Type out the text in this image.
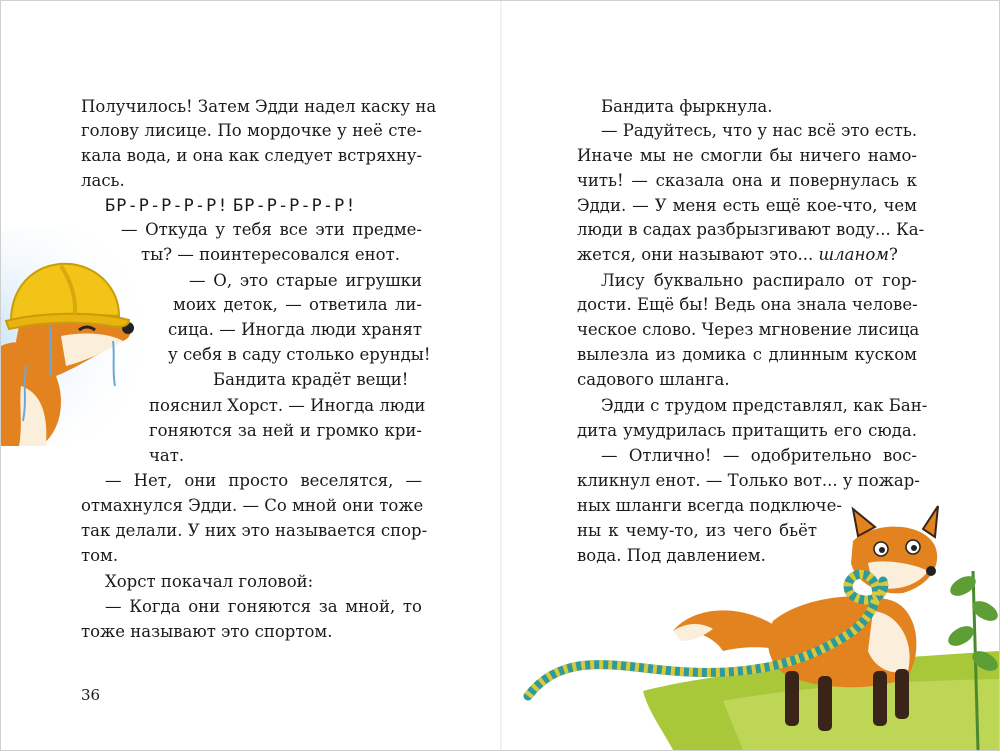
Получилось! Затем Эдди надел каску на
голову лисице. По мордочке у неё сте-
кала вода, и она как следует встряхну-
лась.
БР-Р-Р-Р-Р! БР-Р-Р-Р-Р!
— Откуда у тебя все эти предме-
ты? — поинтересовался енот.
— О, это старые игрушки
моих деток, — ответила ли-
сица. — Иногда люди хранят
у себя в саду столько ерунды!
Бандита крадёт вещи!
пояснил Хорст. — Иногда люди
гоняются за ней и громко кри-
чат.
— Нет, они просто веселятся, —
отмахнулся Эдди. — Со мной они тоже
так делали. У них это называется спор-
том.
Хорст покачал головой:
— Когда они гоняются за мной, то
тоже называют это спортом.
36
Бандита фыркнула.
— Радуйтесь, что у нас всё это есть.
Иначе мы не смогли бы ничего намо-
чить! — сказала она и повернулась к
Эдди. — У меня есть ещё кое-что, чем
люди в садах разбрызгивают воду... Ка-
жется, они называют это... шланом?
Лису буквально распирало от гор-
дости. Ещё бы! Ведь она знала челове-
ческое слово. Через мгновение лисица
вылезла из домика с длинным куском
садового шланга.
Эдди с трудом представлял, как Бан-
дита умудрилась притащить его сюда.
— Отлично! — одобрительно вос-
кликнул енот. — Только вот... у пожар-
ных шланги всегда подключе-
ны к чему-то, из чего бьёт
вода. Под давлением.
